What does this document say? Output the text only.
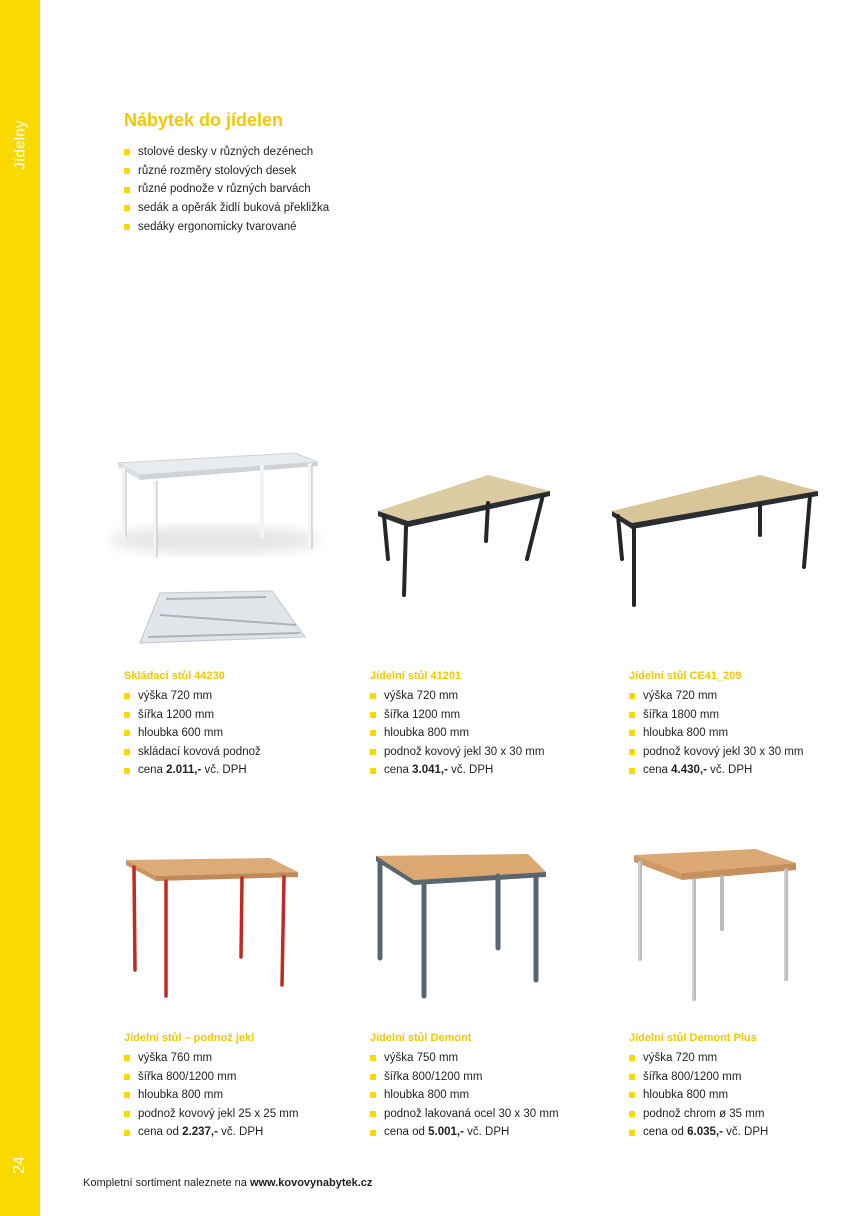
Jídelny
24
Nábytek do jídelen
stolové desky v různých dezénech
různé rozměry stolových desek
různé podnože v různých barvách
sedák a opěrák židlí buková překližka
sedáky ergonomicky tvarované
Skládací stůl 44230
výška 720 mm
šířka 1200 mm
hloubka 600 mm
skládací kovová podnož
cena 2.011,- vč. DPH
Jídelní stůl 41201
výška 720 mm
šířka 1200 mm
hloubka 800 mm
podnož kovový jekl 30 x 30 mm
cena 3.041,- vč. DPH
Jídelní stůl CE41_209
výška 720 mm
šířka 1800 mm
hloubka 800 mm
podnož kovový jekl 30 x 30 mm
cena 4.430,- vč. DPH
Jídelní stůl – podnož jekl
výška 760 mm
šířka 800/1200 mm
hloubka 800 mm
podnož kovový jekl 25 x 25 mm
cena od 2.237,- vč. DPH
Jídelní stůl Demont
výška 750 mm
šířka 800/1200 mm
hloubka 800 mm
podnož lakovaná ocel 30 x 30 mm
cena od 5.001,- vč. DPH
Jídelní stůl Demont Plus
výška 720 mm
šířka 800/1200 mm
hloubka 800 mm
podnož chrom ø 35 mm
cena od 6.035,- vč. DPH
Kompletní sortiment naleznete na www.kovovynabytek.cz
